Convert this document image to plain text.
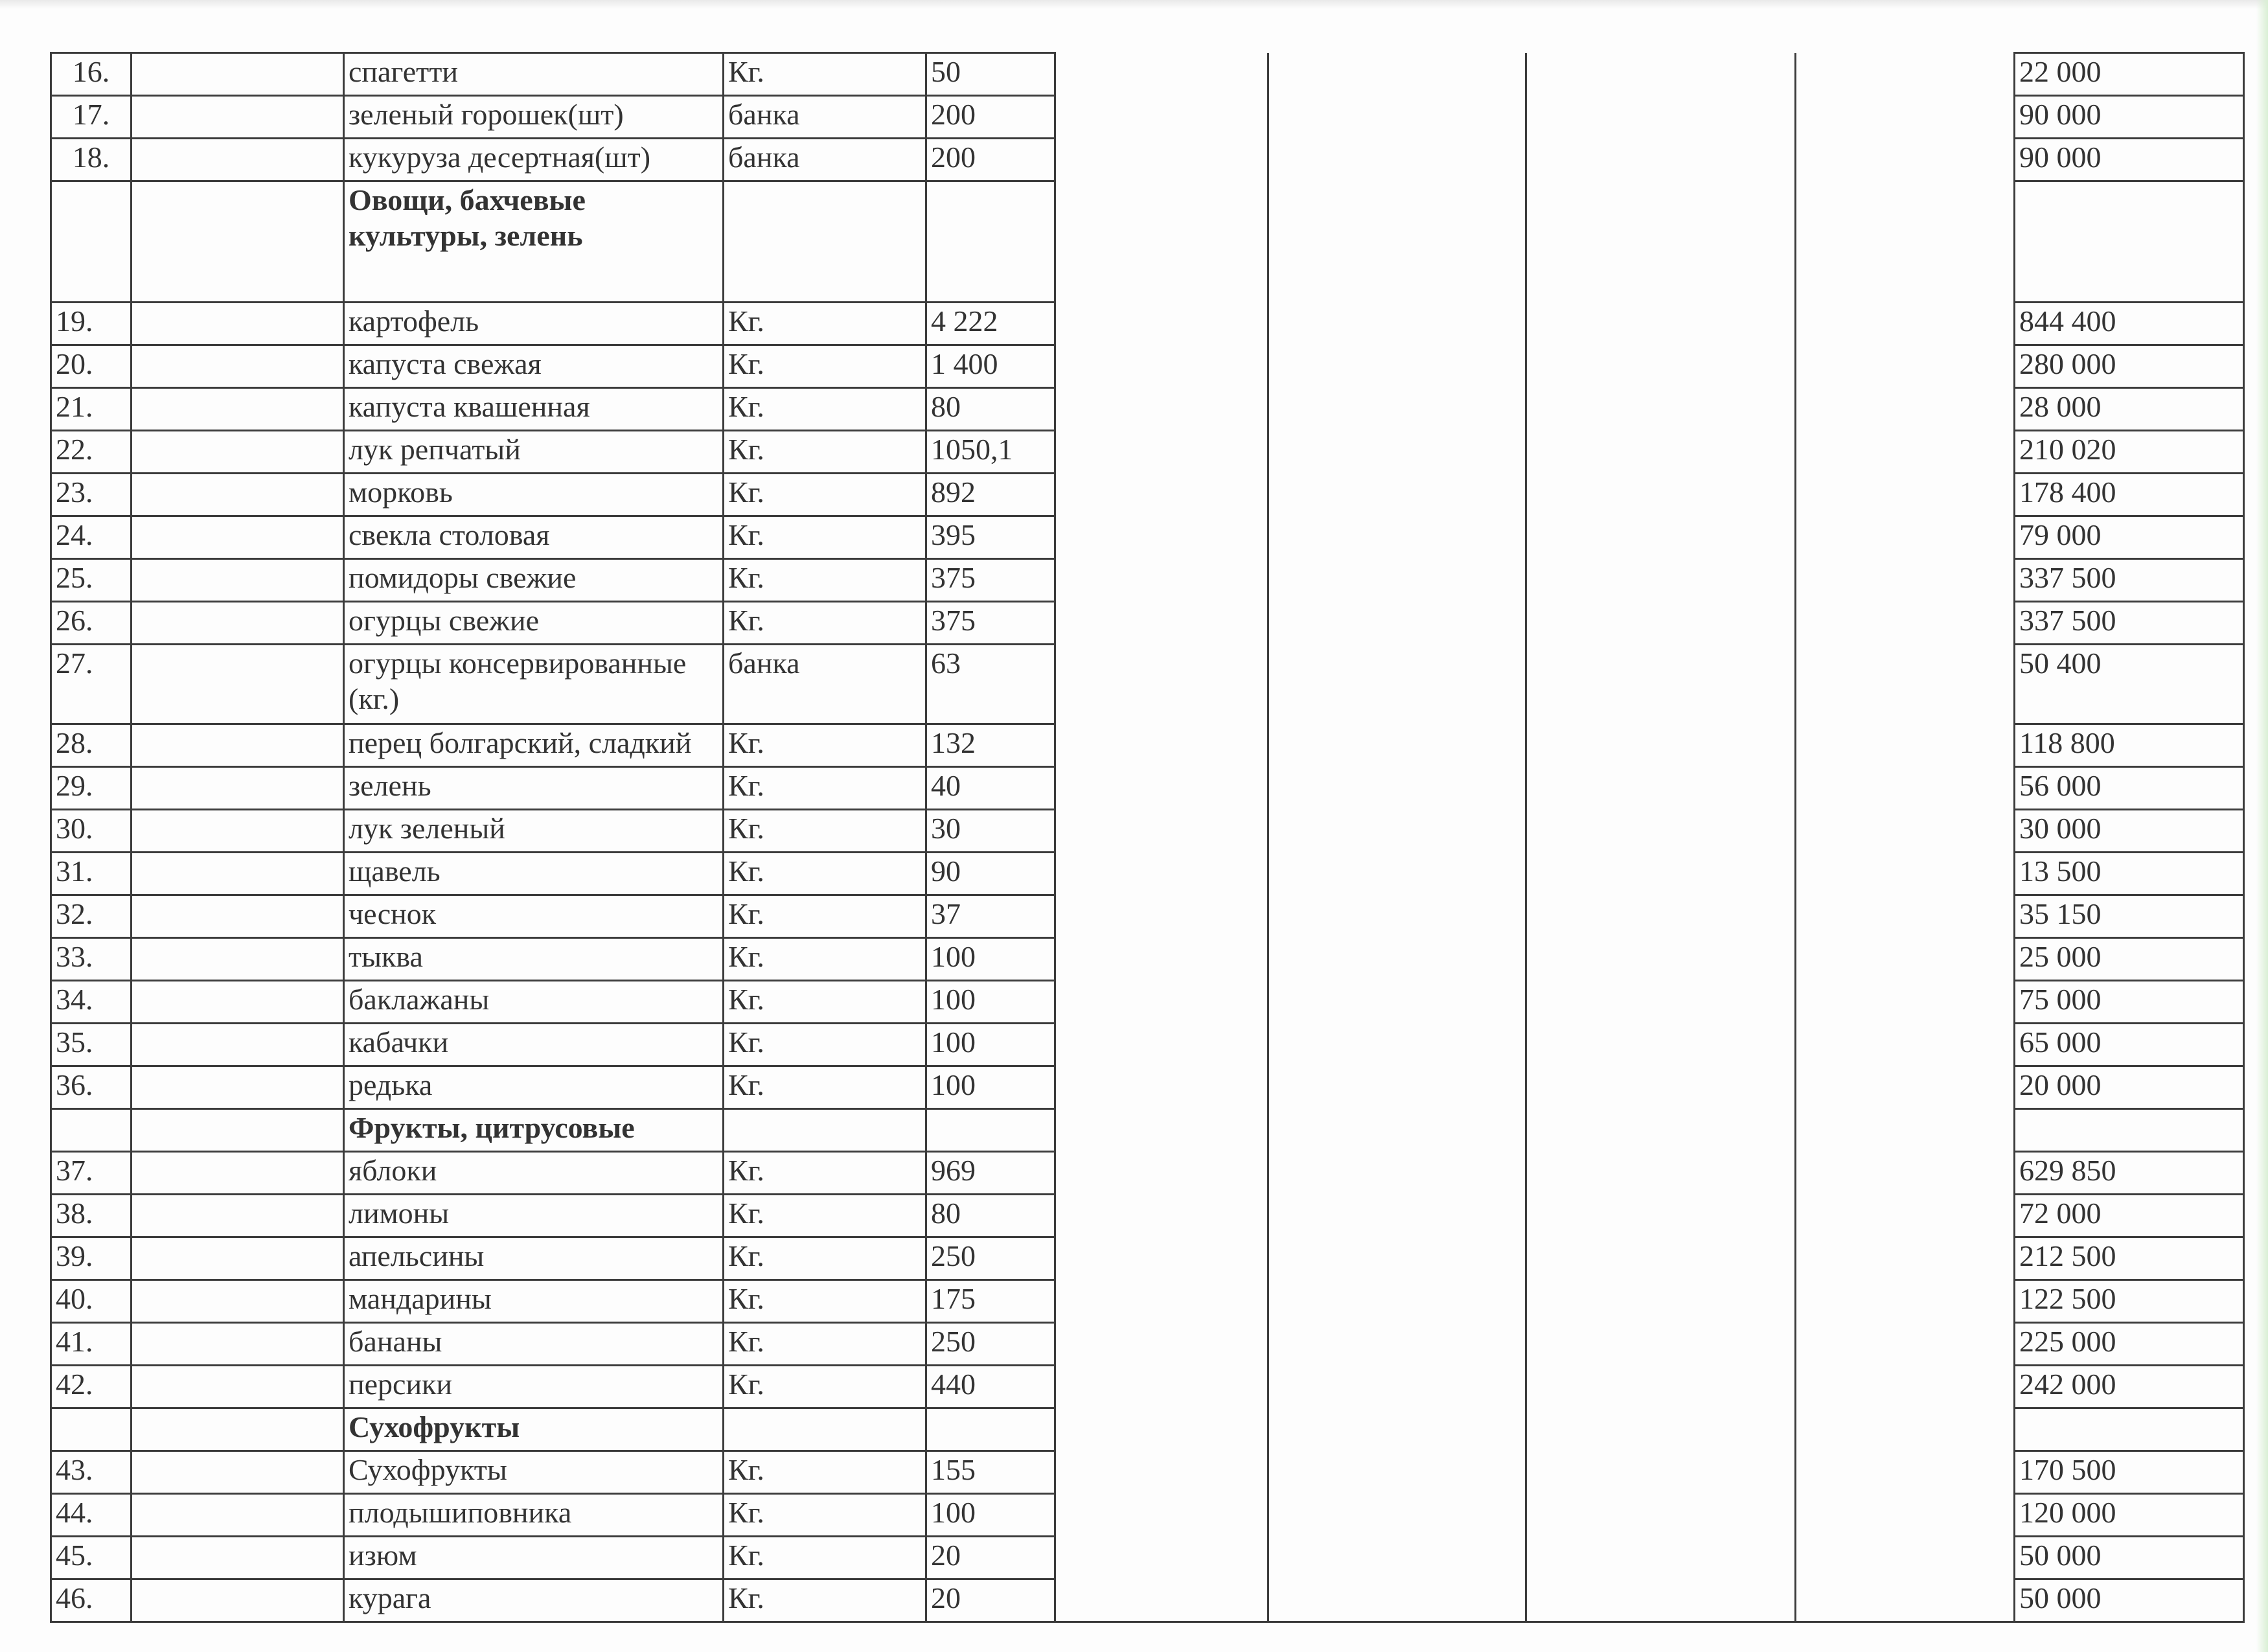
16.		спагетти	Кг.	50					22 000
17.		зеленый горошек(шт)	банка	200					90 000
18.		кукуруза десертная(шт)	банка	200					90 000
		Овощи, бахчевые культуры, зелень							
19.		картофель	Кг.	4 222					844 400
20.		капуста свежая	Кг.	1 400					280 000
21.		капуста квашенная	Кг.	80					28 000
22.		лук репчатый	Кг.	1050,1					210 020
23.		морковь	Кг.	892					178 400
24.		свекла столовая	Кг.	395					79 000
25.		помидоры свежие	Кг.	375					337 500
26.		огурцы свежие	Кг.	375					337 500
27.		огурцы консервированные (кг.)	банка	63					50 400
28.		перец болгарский, сладкий	Кг.	132					118 800
29.		зелень	Кг.	40					56 000
30.		лук зеленый	Кг.	30					30 000
31.		щавель	Кг.	90					13 500
32.		чеснок	Кг.	37					35 150
33.		тыква	Кг.	100					25 000
34.		баклажаны	Кг.	100					75 000
35.		кабачки	Кг.	100					65 000
36.		редька	Кг.	100					20 000
		Фрукты, цитрусовые							
37.		яблоки	Кг.	969					629 850
38.		лимоны	Кг.	80					72 000
39.		апельсины	Кг.	250					212 500
40.		мандарины	Кг.	175					122 500
41.		бананы	Кг.	250					225 000
42.		персики	Кг.	440					242 000
		Сухофрукты							
43.		Сухофрукты	Кг.	155					170 500
44.		плодышиповника	Кг.	100					120 000
45.		изюм	Кг.	20					50 000
46.		курага	Кг.	20					50 000
